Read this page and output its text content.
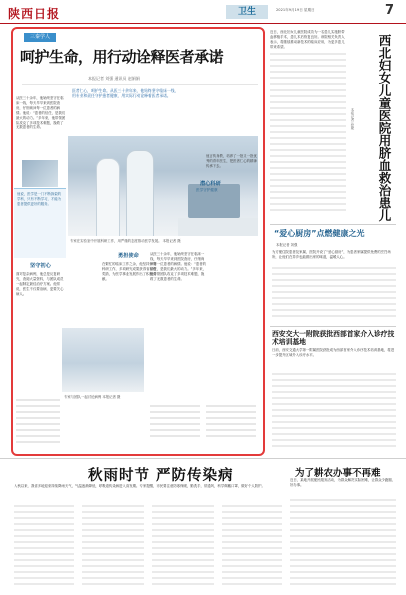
陕西日报	卫生	2021年9月19日 星期日	7
三秦学人
呵护生命，用行动诠释医者承诺
本报记者 刘强 通讯员 赵娟娟
医者仁心，呵护生命。从医三十余年来，他始终坚守临床一线，用专业和责任守护患者健康，用实际行动诠释着医者承诺。
从医三十余年，他始终坚守在临床一线，每天早早来到医院查房，仔细询问每一位患者的病情。他说：“患者的信任，是我们最大的动力。”多年来，他带领团队攻克了多项技术难题，挽救了无数患者的生命。
他说，医学是一门不断探索的学科，只有不断学习，才能为患者提供更好的服务。
专家在实验室中开展科研工作，用严谨的态度推动医学发展。 本报记者 摄
坚守初心
勇担使命
潜心科研
医学守护健康
面对复杂病例，他总是反复研究，查阅大量资料，与团队成员一起制定最佳治疗方案。他常说，医生不仅要治病，更要关心病人。
在繁忙的临床工作之余，他坚持开展科研工作，多项研究成果获得省部级奖励，为医学事业发展作出了积极贡献。
从医三十余年，他始终坚守在临床一线，每天早早来到医院查房，仔细询问每一位患者的病情。他说：“患者的信任，是我们最大的动力。”多年来，他带领团队攻克了多项技术难题，挽救了无数患者的生命。
他言传身教，培养了一批又一批优秀的青年医生，把医者仁心的精神传承下去。
专家与团队一起讨论病例 本报记者 摄
近日，西北妇女儿童医院成功为一名患儿实施脐带血移植手术，患儿术后恢复良好。该院相关负责人表示，将继续推动新技术的临床应用，为更多患儿带来希望。	西北妇女儿童医院用脐血救治患儿
本报记者 孙婕
“爱心厨房”点燃健康之光
本报记者 刘强
为方便住院患者及家属，医院开设了“爱心厨房”，为患者家属提供免费的烹饪场所，让他们在异乡也能做出家的味道，温暖人心。
西安交大一附院获批西部首家介入诊疗技术培训基地
日前，西安交通大学第一附属医院获批成为西部首家介入诊疗技术培训基地，将进一步提升区域介入诊疗水平。
秋雨时节 严防传染病
入秋以来，我省多地迎来持续降雨天气，气温逐渐降低，呼吸道传染病进入高发期。专家提醒，市民要注意防寒保暖，勤洗手，常通风，科学佩戴口罩，做好个人防护。
为了耕农办事不再难
近日，某地开展便民服务活动，为群众解决实际困难，让群众少跑腿、好办事。
